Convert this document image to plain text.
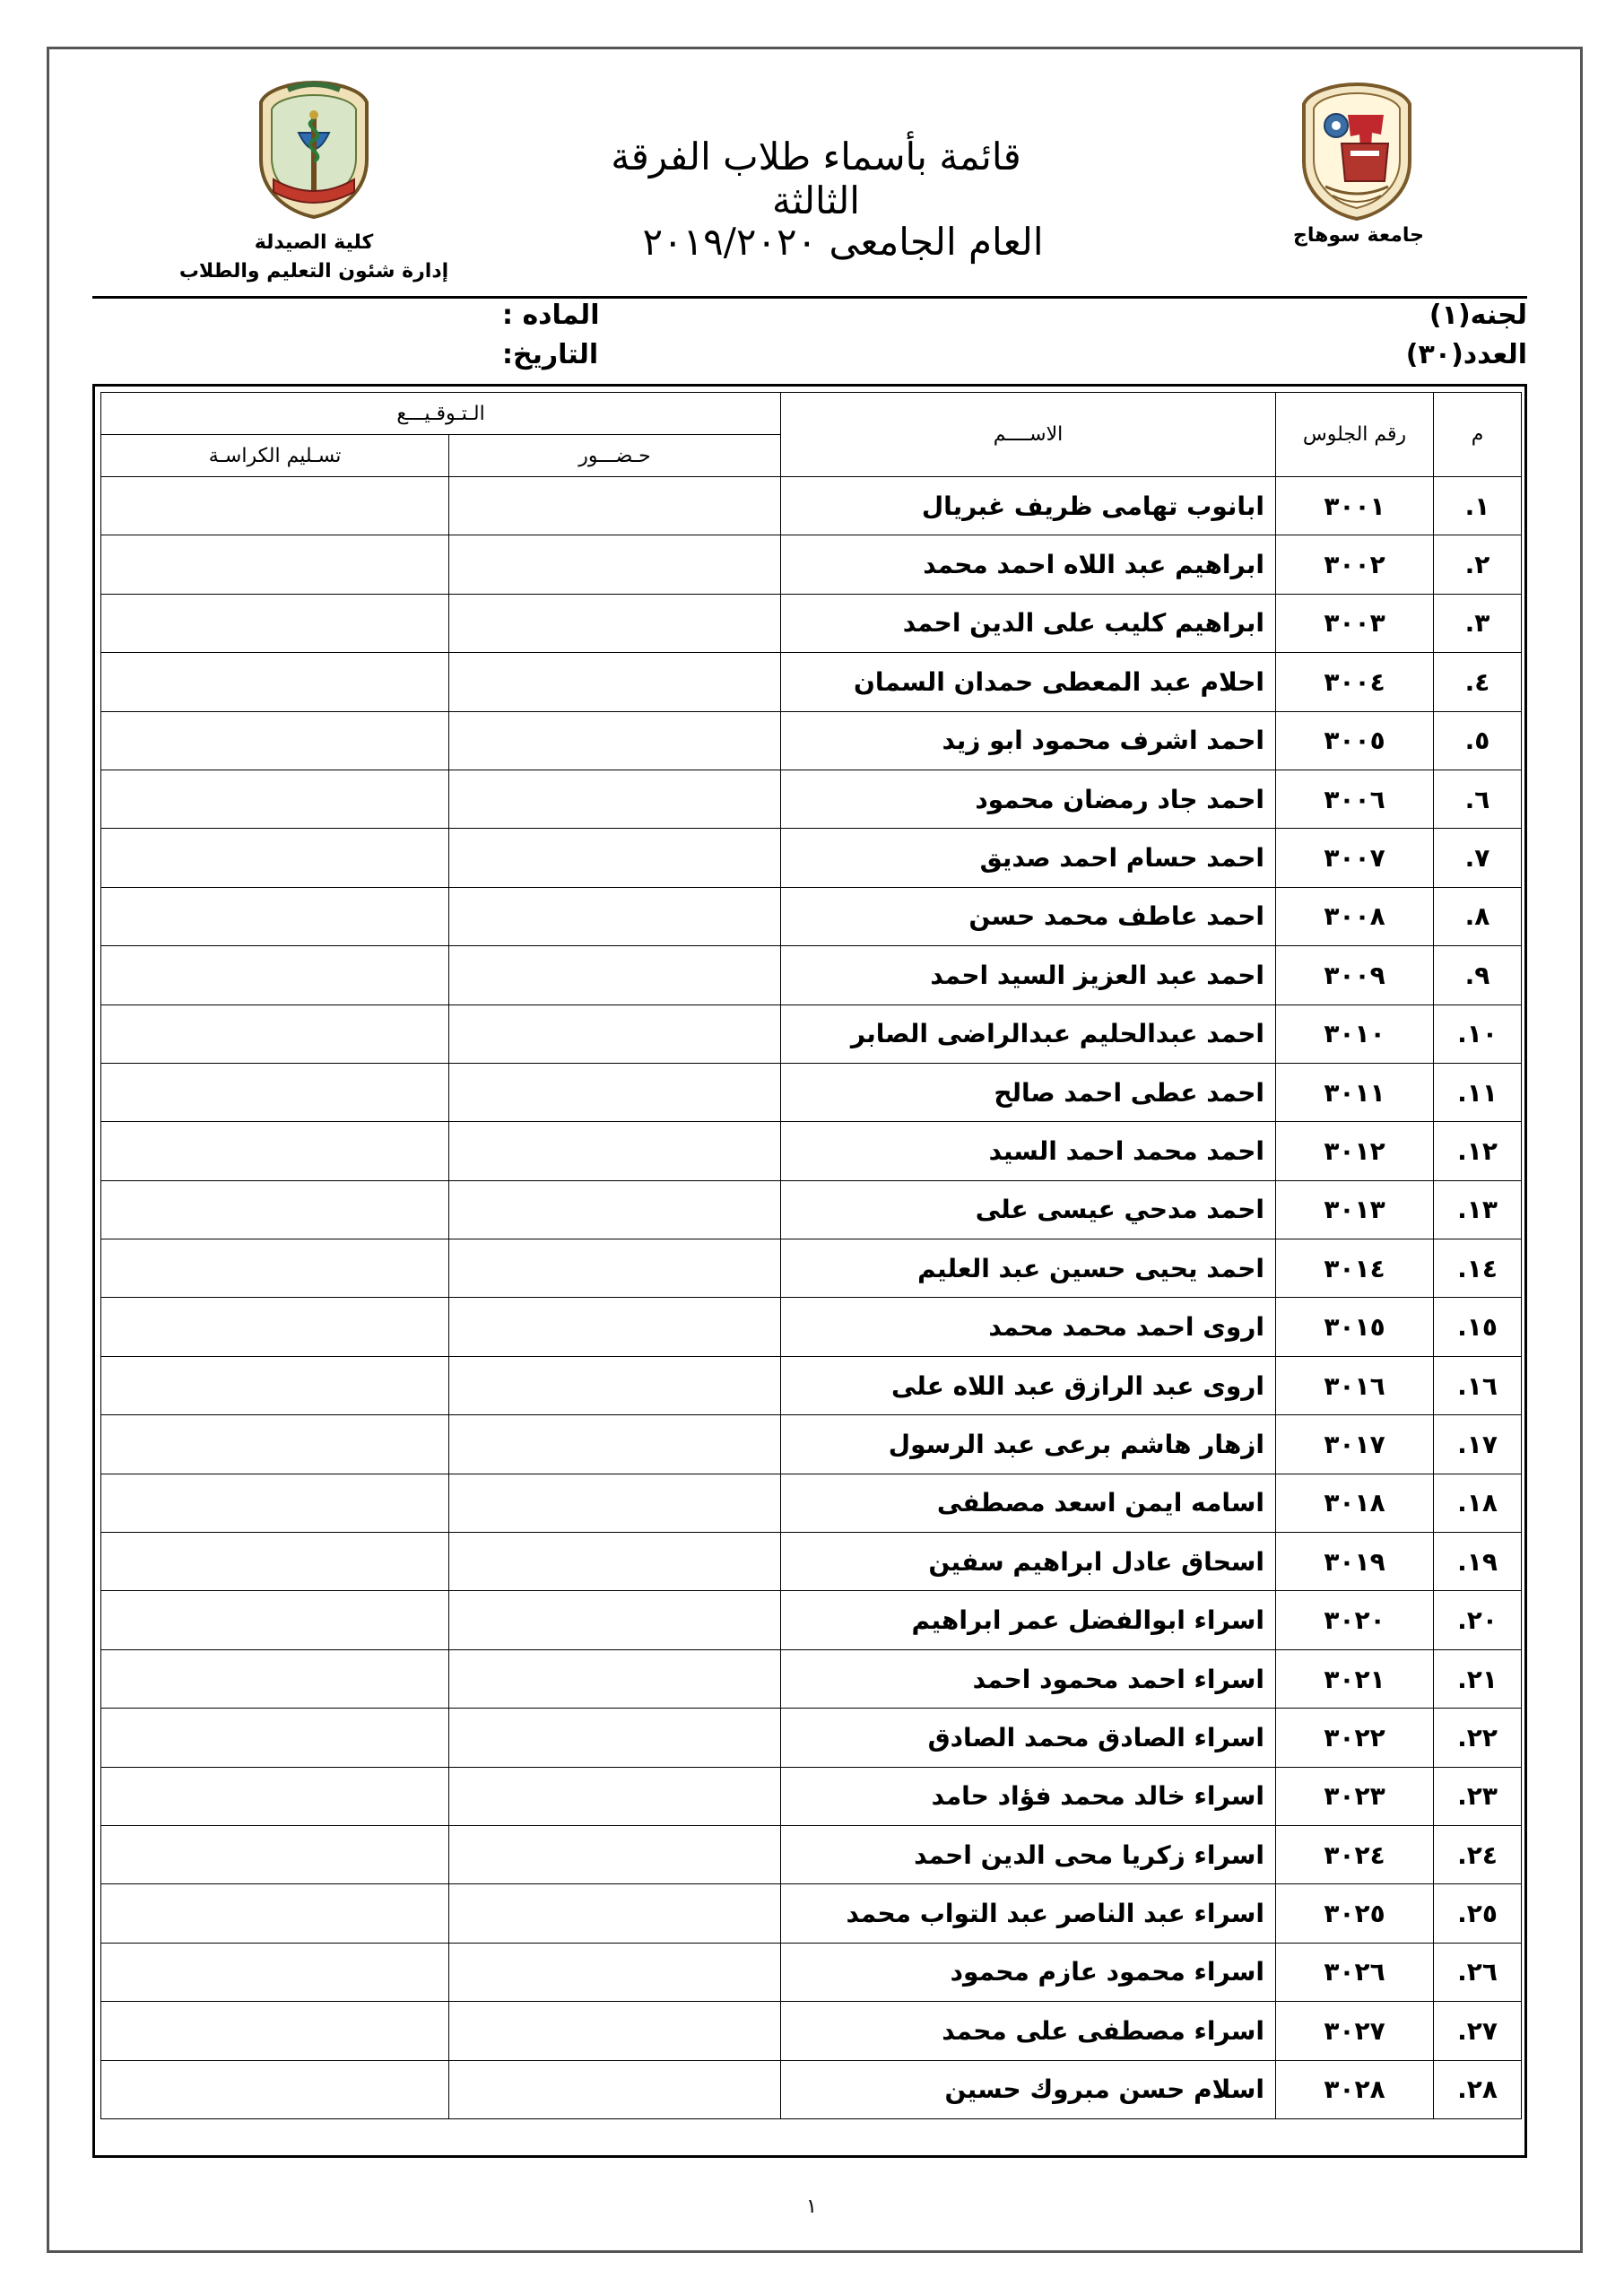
جامعة سوهاج
كلية الصيدلة
إدارة شئون التعليم والطلاب
قائمة بأسماء طلاب الفرقة الثالثة
العام الجامعى ٢٠١٩/٢٠٢٠
لجنه(١)
العدد(٣٠)
الماده :
التاريخ:
م	رقم الجلوس	الاســــم	الـتـوقـيـــع	
			حـضـــور	تسـليم الكراسـة
١.	٣٠٠١	ابانوب تهامى ظريف غبريال		
٢.	٣٠٠٢	ابراهيم عبد اللاه احمد محمد		
٣.	٣٠٠٣	ابراهيم كليب على الدين احمد		
٤.	٣٠٠٤	احلام عبد المعطى حمدان السمان		
٥.	٣٠٠٥	احمد اشرف محمود ابو زيد		
٦.	٣٠٠٦	احمد جاد رمضان محمود		
٧.	٣٠٠٧	احمد حسام احمد صديق		
٨.	٣٠٠٨	احمد عاطف محمد حسن		
٩.	٣٠٠٩	احمد عبد العزيز السيد احمد		
١٠.	٣٠١٠	احمد عبدالحليم عبدالراضى الصابر		
١١.	٣٠١١	احمد عطى احمد صالح		
١٢.	٣٠١٢	احمد محمد احمد السيد		
١٣.	٣٠١٣	احمد مدحي عيسى على		
١٤.	٣٠١٤	احمد يحيى حسين عبد العليم		
١٥.	٣٠١٥	اروى احمد محمد محمد		
١٦.	٣٠١٦	اروى عبد الرازق عبد اللاه على		
١٧.	٣٠١٧	ازهار هاشم برعى عبد الرسول		
١٨.	٣٠١٨	اسامه ايمن اسعد مصطفى		
١٩.	٣٠١٩	اسحاق عادل ابراهيم سفين		
٢٠.	٣٠٢٠	اسراء ابوالفضل عمر ابراهيم		
٢١.	٣٠٢١	اسراء احمد محمود احمد		
٢٢.	٣٠٢٢	اسراء الصادق محمد الصادق		
٢٣.	٣٠٢٣	اسراء خالد محمد فؤاد حامد		
٢٤.	٣٠٢٤	اسراء زكريا محى الدين احمد		
٢٥.	٣٠٢٥	اسراء عبد الناصر عبد التواب محمد		
٢٦.	٣٠٢٦	اسراء محمود عازم محمود		
٢٧.	٣٠٢٧	اسراء مصطفى على محمد		
٢٨.	٣٠٢٨	اسلام حسن مبروك حسين		
١
